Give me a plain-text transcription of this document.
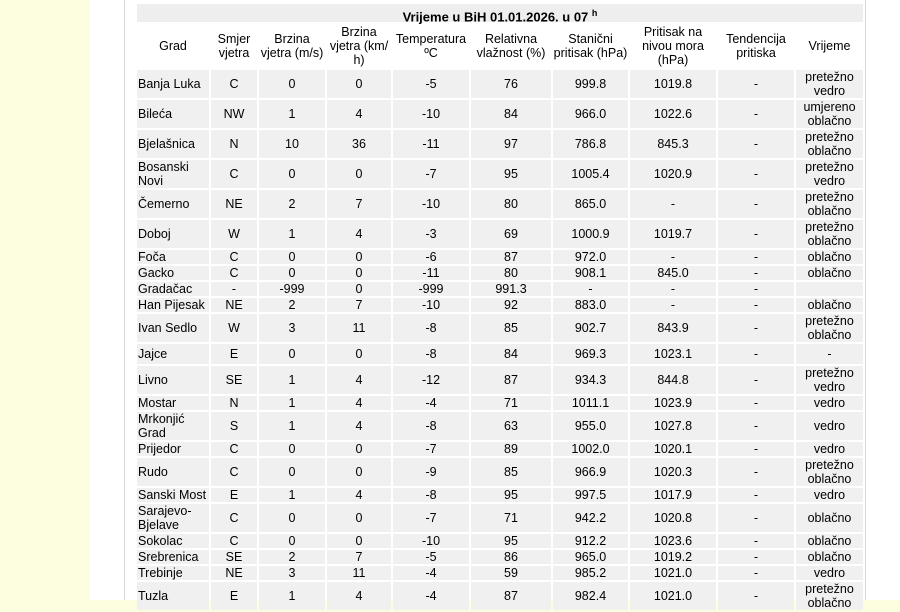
Vrijeme u BiH 01.01.2026. u 07 $^h$
Grad	Smjer vjetra	Brzina vjetra (m/s)	Brzina vjetra (km/ h)	Temperatura ºC	Relativna vlažnost (%)	Stanični pritisak (hPa)	Pritisak na nivou mora (hPa)	Tendencija pritiska	Vrijeme
Banja Luka	C	0	0	-5	76	999.8	1019.8	-	pretežno vedro
Bileća	NW	1	4	-10	84	966.0	1022.6	-	umjereno oblačno
Bjelašnica	N	10	36	-11	97	786.8	845.3	-	pretežno oblačno
Bosanski Novi	C	0	0	-7	95	1005.4	1020.9	-	pretežno vedro
Čemerno	NE	2	7	-10	80	865.0	-	-	pretežno oblačno
Doboj	W	1	4	-3	69	1000.9	1019.7	-	pretežno oblačno
Foča	C	0	0	-6	87	972.0	-	-	oblačno
Gacko	C	0	0	-11	80	908.1	845.0	-	oblačno
Gradačac	-	-999	0	-999	991.3	-	-	-	
Han Pijesak	NE	2	7	-10	92	883.0	-	-	oblačno
Ivan Sedlo	W	3	11	-8	85	902.7	843.9	-	pretežno oblačno
Jajce	E	0	0	-8	84	969.3	1023.1	-	-
Livno	SE	1	4	-12	87	934.3	844.8	-	pretežno vedro
Mostar	N	1	4	-4	71	1011.1	1023.9	-	vedro
Mrkonjić Grad	S	1	4	-8	63	955.0	1027.8	-	vedro
Prijedor	C	0	0	-7	89	1002.0	1020.1	-	vedro
Rudo	C	0	0	-9	85	966.9	1020.3	-	pretežno oblačno
Sanski Most	E	1	4	-8	95	997.5	1017.9	-	vedro
Sarajevo-Bjelave	C	0	0	-7	71	942.2	1020.8	-	oblačno
Sokolac	C	0	0	-10	95	912.2	1023.6	-	oblačno
Srebrenica	SE	2	7	-5	86	965.0	1019.2	-	oblačno
Trebinje	NE	3	11	-4	59	985.2	1021.0	-	vedro
Tuzla	E	1	4	-4	87	982.4	1021.0	-	pretežno oblačno
